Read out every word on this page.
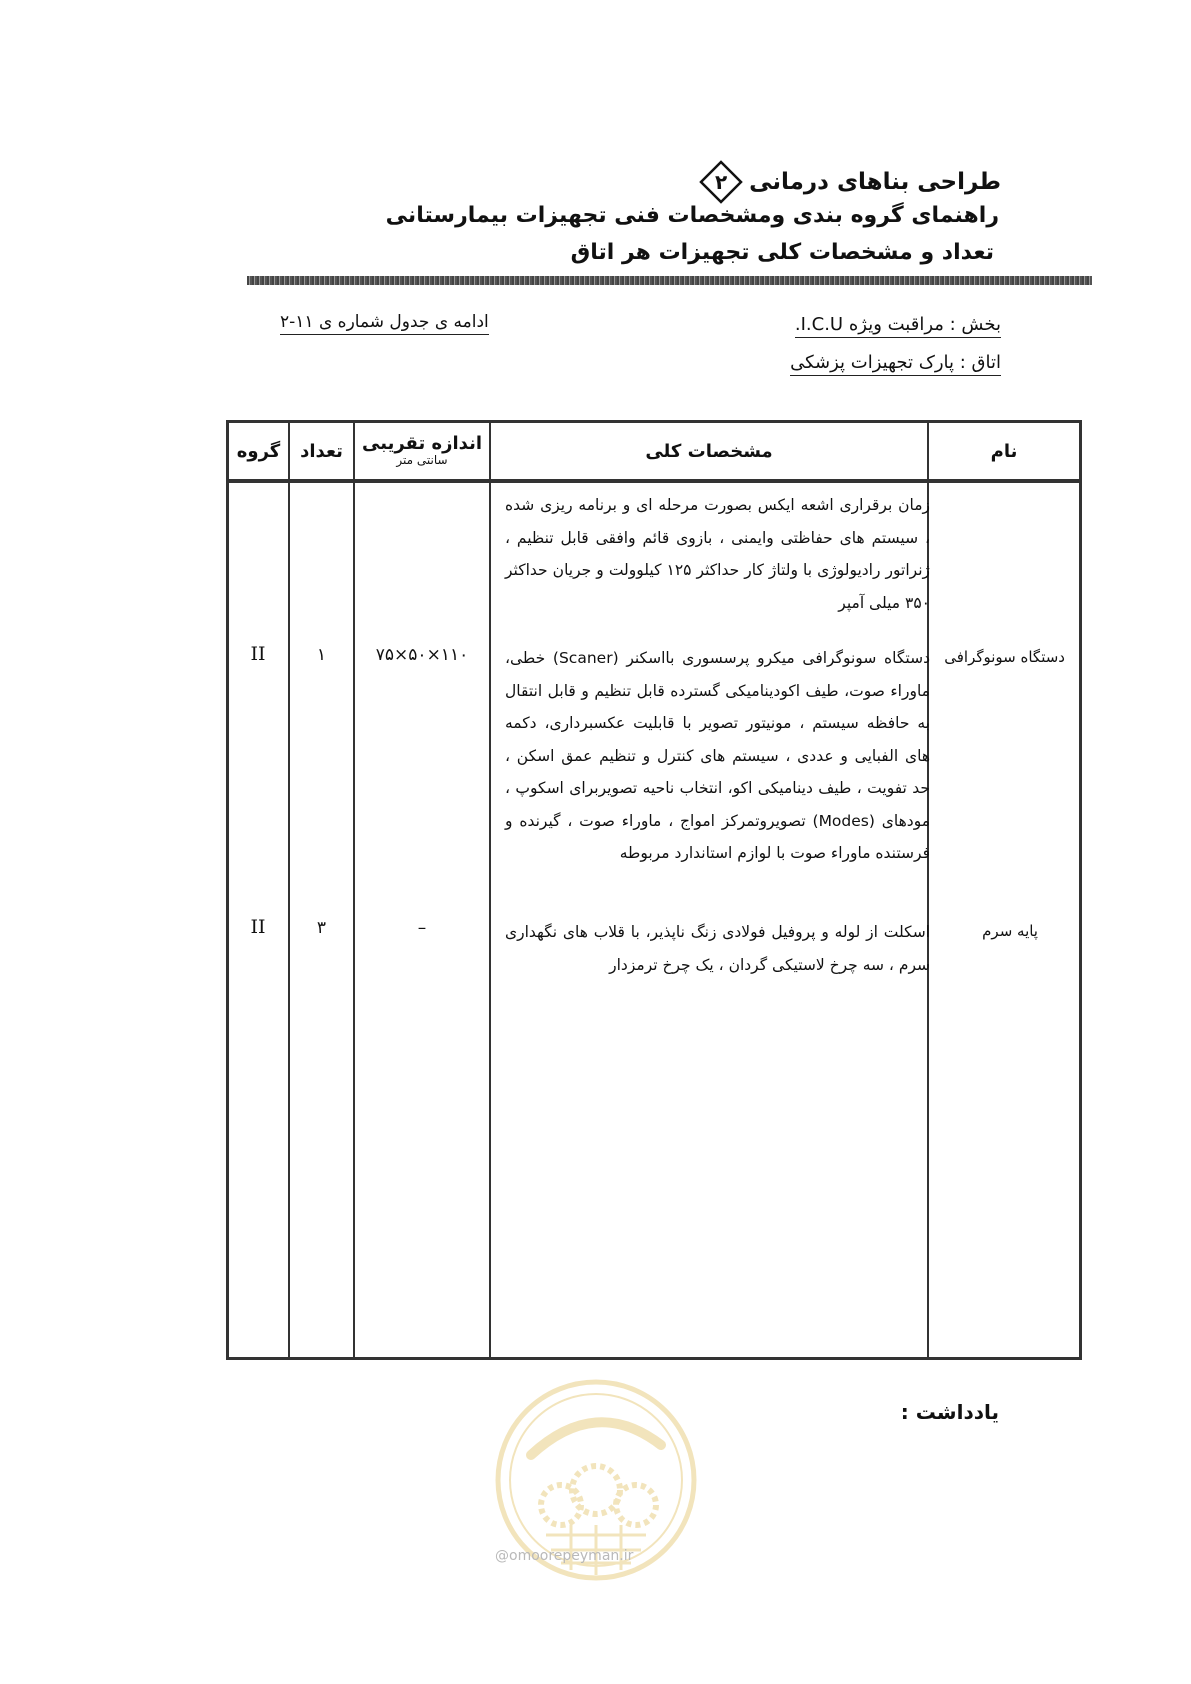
طراحی بناهای درمانی
۲
راهنمای گروه بندی ومشخصات فنی تجهیزات بیمارستانی
تعداد و مشخصات کلی تجهیزات هر اتاق
بخش : مراقبت ویژه I.C.U.
اتاق : پارک تجهیزات پزشکی
ادامه ی جدول شماره ی ۱۱-۲
نام
مشخصات کلی
اندازه تقریبی
سانتی متر
تعداد
گروه
زمان برقراری اشعه ایکس بصورت مرحله ای و برنامه ریزی شده ، سیستم های حفاظتی وایمنی ، بازوی قائم وافقی قابل تنظیم ، ژنراتور رادیولوژی با ولتاژ کار حداکثر ۱۲۵ کیلوولت و جریان حداکثر ۳۵۰ میلی آمپر
دستگاه سونوگرافی میکرو پرسسوری بااسکنر (Scaner) خطی، ماوراء صوت، طیف اکودینامیکی گسترده قابل تنظیم و قابل انتقال به حافظه سیستم ، مونیتور تصویر با قابلیت عکسبرداری، دکمه های الفبایی و عددی ، سیستم های کنترل و تنظیم عمق اسکن ، حد تفویت ، طیف دینامیکی اکو، انتخاب ناحیه تصویربرای اسکوپ ، مودهای (Modes) تصویروتمرکز امواج ، ماوراء صوت ، گیرنده و فرستنده ماوراء صوت با لوازم استاندارد مربوطه
دستگاه سونوگرافی
۷۵×۵۰×۱۱۰
۱
II
اسکلت از لوله و پروفیل فولادی زنگ ناپذیر، با قلاب های نگهداری سرم ، سه چرخ لاستیکی گردان ، یک چرخ ترمزدار
پایه سرم
–
۳
II
یادداشت :
@omoorepeyman.ir
